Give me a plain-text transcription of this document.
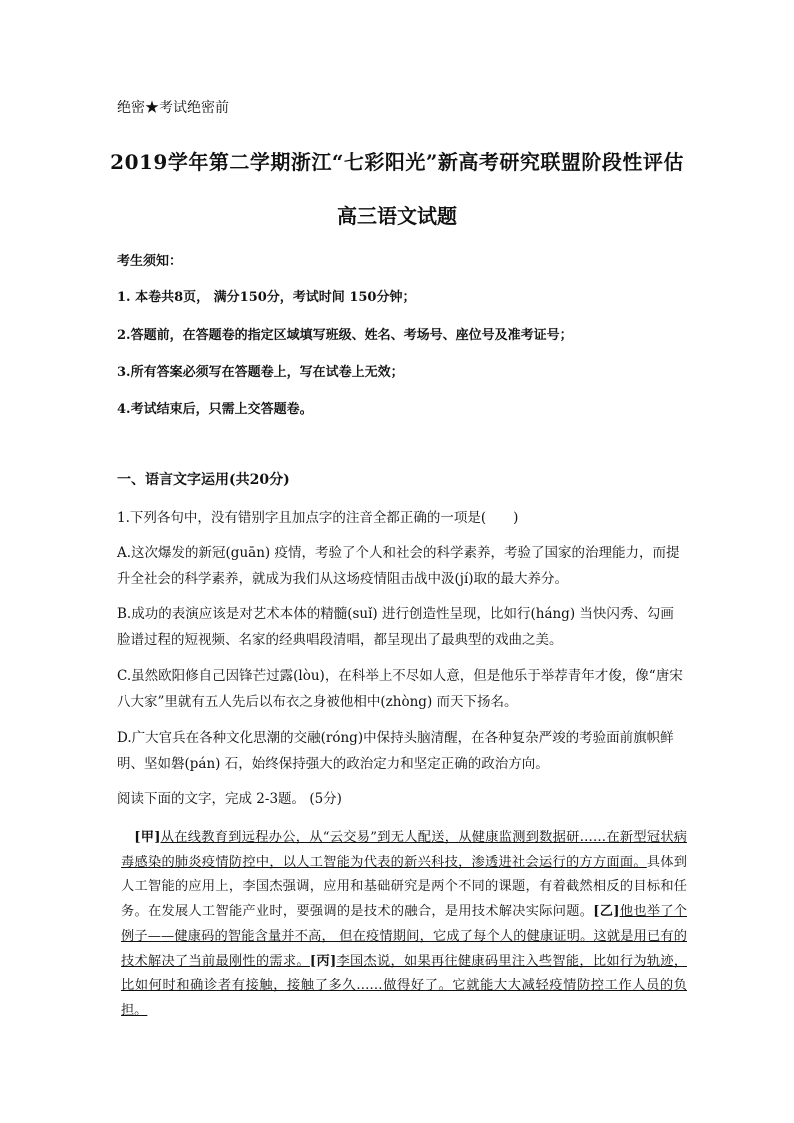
绝密★考试绝密前
2019学年第二学期浙江“七彩阳光”新高考研究联盟阶段性评估
高三语文试题
考生须知：
1. 本卷共8页， 满分150分，考试时间 150分钟；
2.答题前，在答题卷的指定区域填写班级、姓名、考场号、座位号及准考证号；
3.所有答案必须写在答题卷上，写在试卷上无效；
4.考试结束后，只需上交答题卷。
一、语言文字运用(共20分)
1.下列各句中，没有错别字且加点字的注音全都正确的一项是(　　)
A.这次爆发的新冠(guān) 疫情，考验了个人和社会的科学素养，考验了国家的治理能力，而提升全社会的科学素养，就成为我们从这场疫情阻击战中汲(jí)取的最大养分。
B.成功的表演应该是对艺术本体的精髓(suǐ) 进行创造性呈现，比如行(háng) 当快闪秀、勾画脸谱过程的短视频、名家的经典唱段清唱，都呈现出了最典型的戏曲之美。
C.虽然欧阳修自己因锋芒过露(lòu)，在科举上不尽如人意，但是他乐于举荐青年才俊，像“唐宋八大家”里就有五人先后以布衣之身被他相中(zhòng) 而天下扬名。
D.广大官兵在各种文化思潮的交融(róng)中保持头脑清醒，在各种复杂严竣的考验面前旗帜鲜明、坚如磐(pán) 石，始终保持强大的政治定力和坚定正确的政治方向。
阅读下面的文字，完成 2-3题。 (5分)
 [甲]从在线教育到远程办公，从“云交易”到无人配送，从健康监测到数据研……在新型冠状病毒感染的肺炎疫情防控中，以人工智能为代表的新兴科技，渗透进社会运行的方方面面。具体到人工智能的应用上，李国杰强调，应用和基础研究是两个不同的课题，有着截然相反的目标和任务。在发展人工智能产业时，要强调的是技术的融合，是用技术解决实际问题。[乙]他也举了个例子——健康码的智能含量并不高， 但在疫情期间，它成了每个人的健康证明。这就是用已有的技术解决了当前最刚性的需求。[丙]李国杰说，如果再往健康码里注入些智能，比如行为轨迹，比如何时和确诊者有接触，接触了多久……做得好了。它就能大大减轻疫情防控工作人员的负担。
